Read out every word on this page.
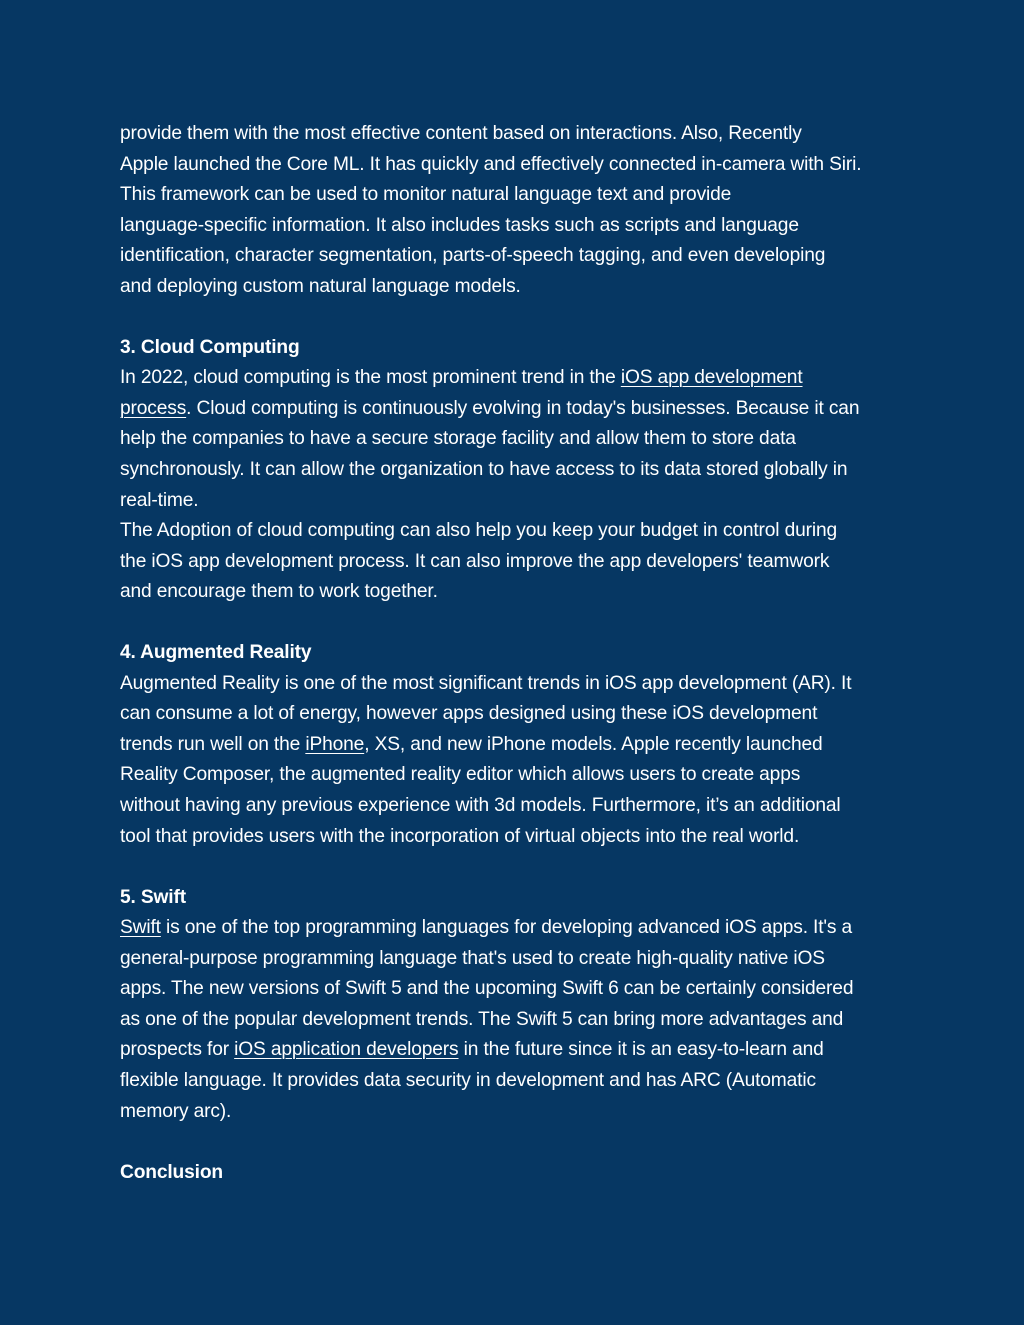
provide them with the most effective content based on interactions. Also, Recently

Apple launched the Core ML. It has quickly and effectively connected in-camera with Siri.

This framework can be used to monitor natural language text and provide

language-specific information. It also includes tasks such as scripts and language

identification, character segmentation, parts-of-speech tagging, and even developing

and deploying custom natural language models.

3. Cloud Computing

In 2022, cloud computing is the most prominent trend in the iOS app development

process. Cloud computing is continuously evolving in today's businesses. Because it can

help the companies to have a secure storage facility and allow them to store data

synchronously. It can allow the organization to have access to its data stored globally in

real-time.

The Adoption of cloud computing can also help you keep your budget in control during

the iOS app development process. It can also improve the app developers' teamwork

and encourage them to work together.

4. Augmented Reality

Augmented Reality is one of the most significant trends in iOS app development (AR). It

can consume a lot of energy, however apps designed using these iOS development

trends run well on the iPhone, XS, and new iPhone models. Apple recently launched

Reality Composer, the augmented reality editor which allows users to create apps

without having any previous experience with 3d models. Furthermore, it’s an additional

tool that provides users with the incorporation of virtual objects into the real world.

5. Swift

Swift is one of the top programming languages for developing advanced iOS apps. It's a

general-purpose programming language that's used to create high-quality native iOS

apps. The new versions of Swift 5 and the upcoming Swift 6 can be certainly considered

as one of the popular development trends. The Swift 5 can bring more advantages and

prospects for iOS application developers in the future since it is an easy-to-learn and

flexible language. It provides data security in development and has ARC (Automatic

memory arc).

Conclusion
